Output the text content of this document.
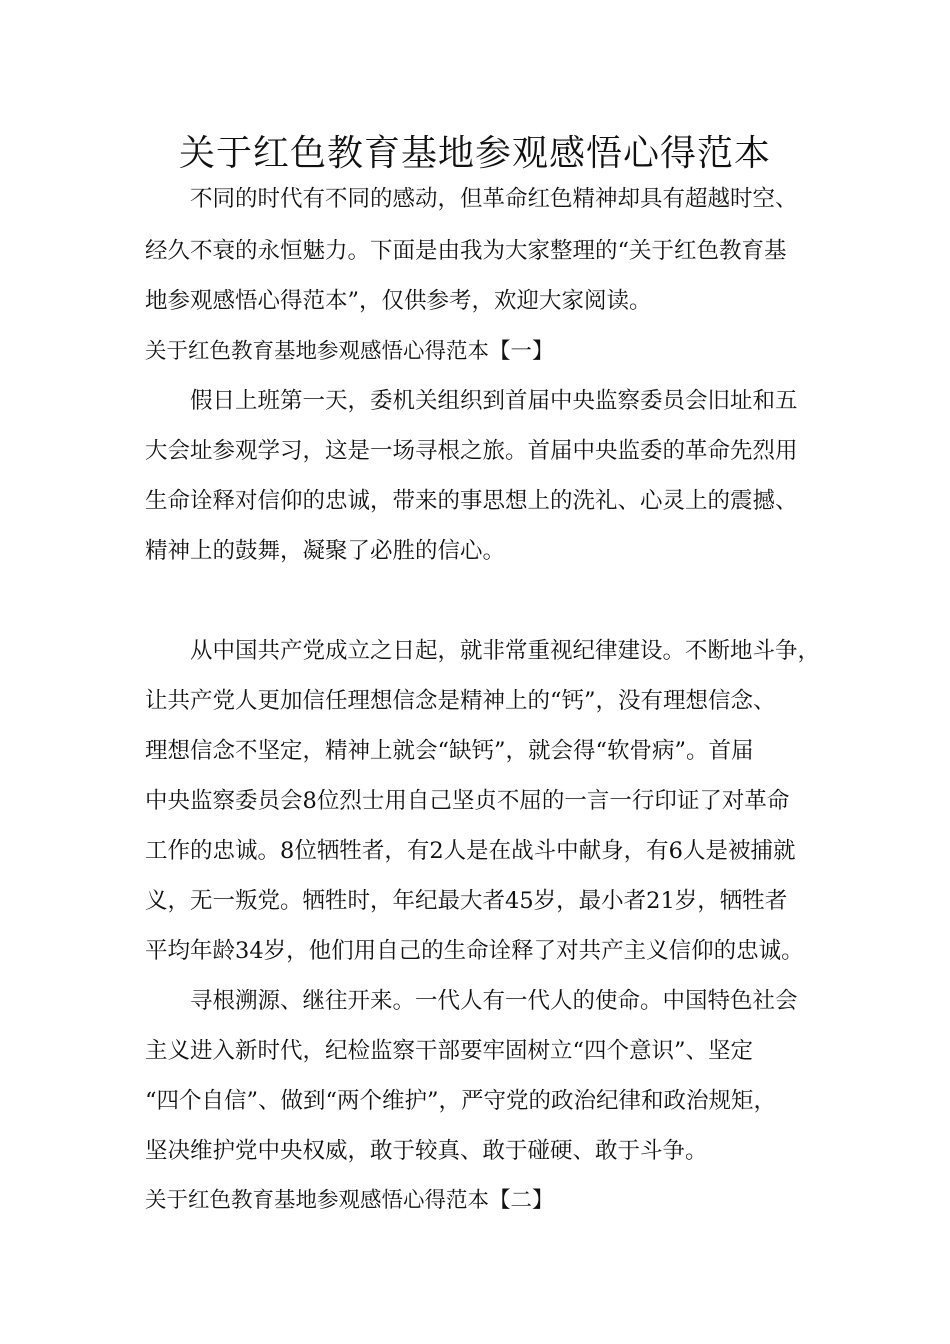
关于红色教育基地参观感悟心得范本

不同的时代有不同的感动，但革命红色精神却具有超越时空、

经久不衰的永恒魅力。下面是由我为大家整理的“关于红色教育基

地参观感悟心得范本”，仅供参考，欢迎大家阅读。

关于红色教育基地参观感悟心得范本【一】

假日上班第一天，委机关组织到首届中央监察委员会旧址和五

大会址参观学习，这是一场寻根之旅。首届中央监委的革命先烈用

生命诠释对信仰的忠诚，带来的事思想上的洗礼、心灵上的震撼、

精神上的鼓舞，凝聚了必胜的信心。

从中国共产党成立之日起，就非常重视纪律建设。不断地斗争，

让共产党人更加信任理想信念是精神上的“钙”，没有理想信念、

理想信念不坚定，精神上就会“缺钙”，就会得“软骨病”。首届

中央监察委员会8位烈士用自己坚贞不屈的一言一行印证了对革命

工作的忠诚。8位牺牲者，有2人是在战斗中献身，有6人是被捕就

义，无一叛党。牺牲时，年纪最大者45岁，最小者21岁，牺牲者

平均年龄34岁，他们用自己的生命诠释了对共产主义信仰的忠诚。

寻根溯源、继往开来。一代人有一代人的使命。中国特色社会

主义进入新时代，纪检监察干部要牢固树立“四个意识”、坚定

“四个自信”、做到“两个维护”，严守党的政治纪律和政治规矩，

坚决维护党中央权威，敢于较真、敢于碰硬、敢于斗争。

关于红色教育基地参观感悟心得范本【二】
